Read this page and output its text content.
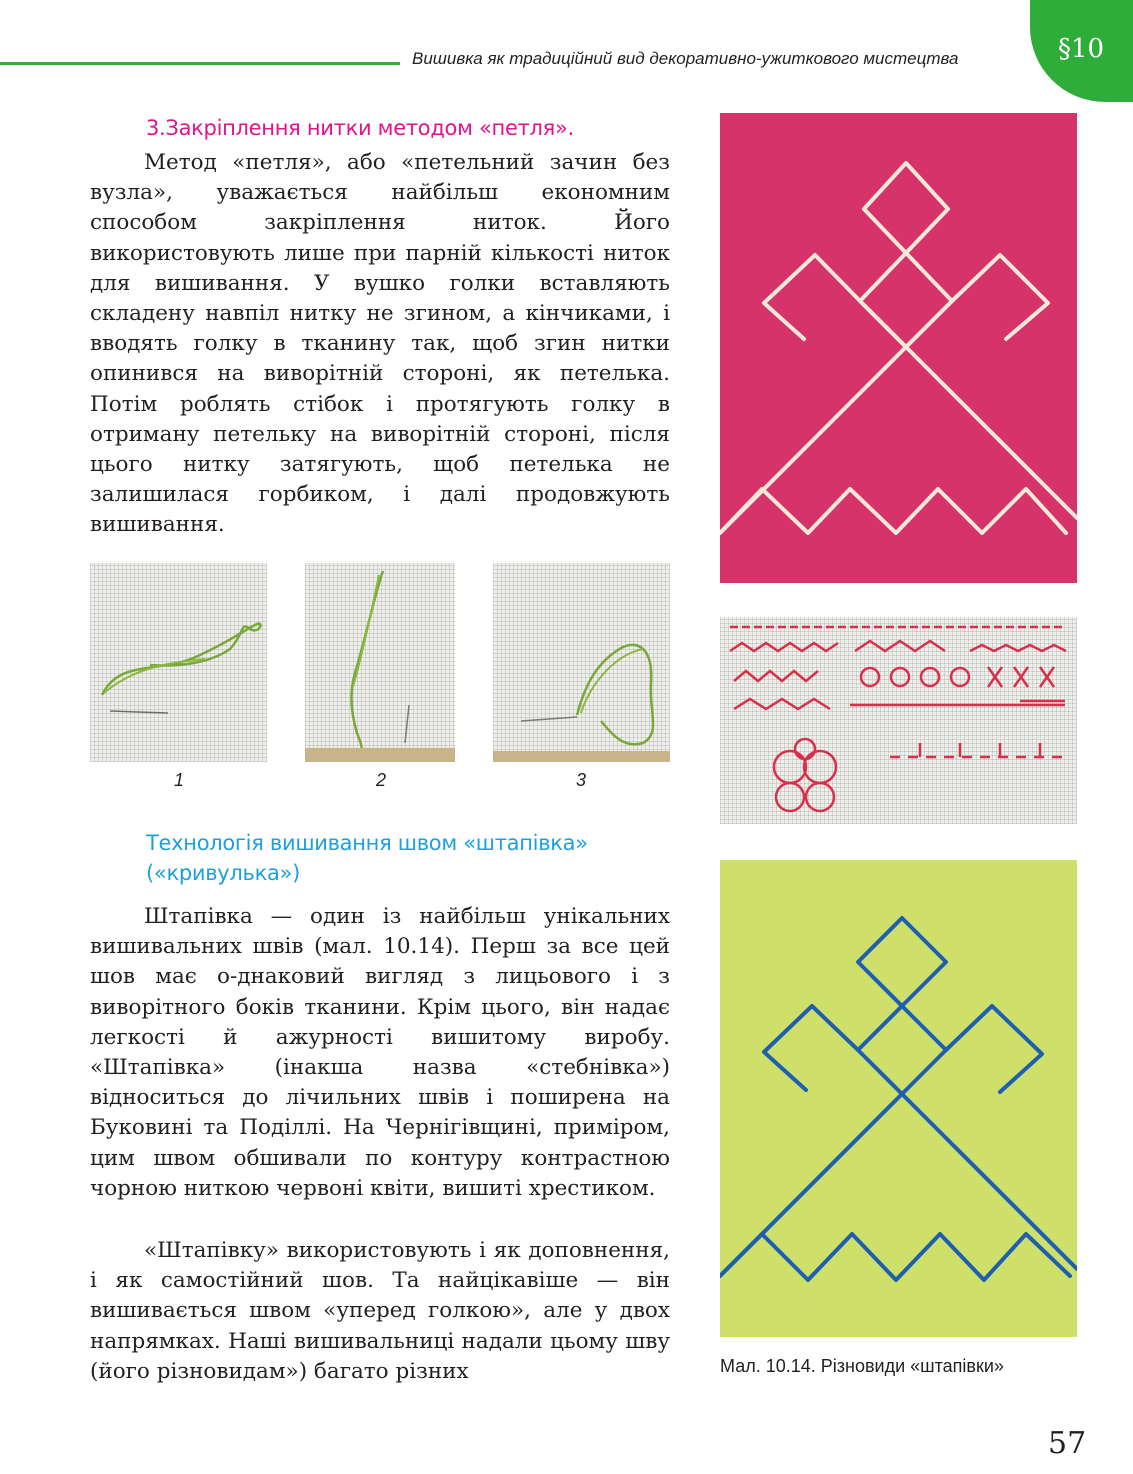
Вишивка як традиційний вид декоративно-ужиткового мистецтва	§10
3.Закріплення нитки методом «петля».
Метод «петля», або «петельний зачин без вузла», уважається найбільш економним способом закріплення ниток. Його використовують лише при парній кількості ниток для вишивання. У вушко голки вставляють складену навпіл нитку не згином, а кінчиками, і вводять голку в тканину так, щоб згин нитки опинився на виворітній стороні, як петелька. Потім роблять стібок і протягують голку в отриману петельку на виворітній стороні, після цього нитку затягують, щоб петелька не залишилася горбиком, і далі продовжують вишивання.
1	2	3
Технологія вишивання швом «штапівка» («кривулька»)
Штапівка — один із найбільш унікальних вишивальних швів (мал. 10.14). Перш за все цей шов має о-днаковий вигляд з лицьового і з виворітного боків тканини. Крім цього, він надає легкості й ажурності вишитому виробу. «Штапівка» (інакша назва «стебнівка») відноситься до лічильних швів і поширена на Буковині та Поділлі. На Чернігівщині, приміром, цим швом обшивали по контуру контрастною чорною ниткою червоні квіти, вишиті хрестиком.
«Штапівку» використовують і як доповнення, і як самостійний шов. Та найцікавіше — він вишивається швом «уперед голкою», але у двох напрямках. Наші вишивальниці надали цьому шву (його різновидам») багато різних	Мал. 10.14. Різновиди «штапівки»
57
